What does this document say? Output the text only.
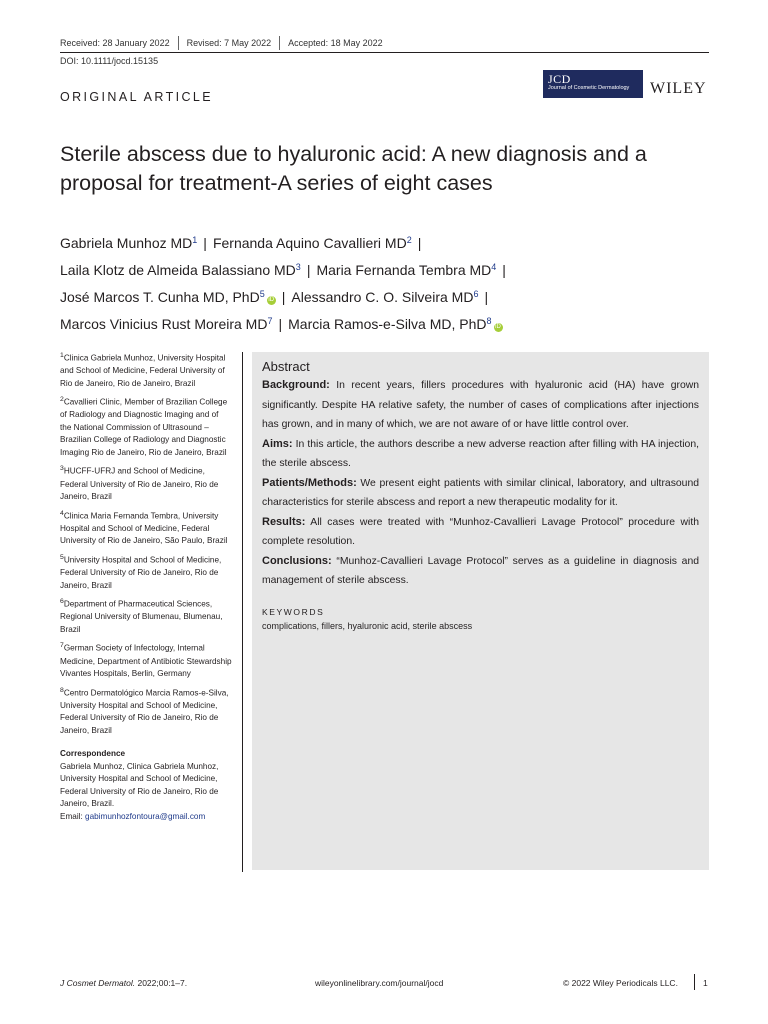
Received: 28 January 2022 Revised: 7 May 2022 Accepted: 18 May 2022
DOI: 10.1111/jocd.15135
ORIGINAL ARTICLE
JCD
Journal of Cosmetic Dermatology	WILEY
Sterile abscess due to hyaluronic acid: A new diagnosis and a proposal for treatment-A series of eight cases
Gabriela Munhoz $MD^1$ | Fernanda Aquino Cavallieri $MD^2$ |
Laila Klotz de Almeida Balassiano $MD^3$ | Maria Fernanda Tembra $MD^4$ |
José Marcos T. Cunha MD, PhD$^5$iD | Alessandro C. O. Silveira $MD^6$ |
Marcos Vinicius Rust Moreira $MD^7$ | Marcia Ramos-e-Silva MD, PhD$^8$iD
$^1$Clinica Gabriela Munhoz, University Hospital and School of Medicine, Federal University of Rio de Janeiro, Rio de Janeiro, Brazil
$^2$Cavallieri Clinic, Member of Brazilian College of Radiology and Diagnostic Imaging and of the National Commission of Ultrasound – Brazilian College of Radiology and Diagnostic Imaging Rio de Janeiro, Rio de Janeiro, Brazil
$^3$HUCFF-UFRJ and School of Medicine, Federal University of Rio de Janeiro, Rio de Janeiro, Brazil
$^4$Clinica Maria Fernanda Tembra, University Hospital and School of Medicine, Federal University of Rio de Janeiro, São Paulo, Brazil
$^5$University Hospital and School of Medicine, Federal University of Rio de Janeiro, Rio de Janeiro, Brazil
$^6$Department of Pharmaceutical Sciences, Regional University of Blumenau, Blumenau, Brazil
$^7$German Society of Infectology, Internal Medicine, Department of Antibiotic Stewardship Vivantes Hospitals, Berlin, Germany
$^8$Centro Dermatológico Marcia Ramos-e-Silva, University Hospital and School of Medicine, Federal University of Rio de Janeiro, Rio de Janeiro, Brazil
Correspondence
Gabriela Munhoz, Clinica Gabriela Munhoz, University Hospital and School of Medicine, Federal University of Rio de Janeiro, Rio de Janeiro, Brazil.
Email: gabimunhozfontoura@gmail.com
Abstract

Background: In recent years, fillers procedures with hyaluronic acid (HA) have grown significantly. Despite HA relative safety, the number of cases of complications after injections has grown, and in many of which, we are not aware of or have little control over.

Aims: In this article, the authors describe a new adverse reaction after filling with HA injection, the sterile abscess.

Patients/Methods: We present eight patients with similar clinical, laboratory, and ultrasound characteristics for sterile abscess and report a new therapeutic modality for it.

Results: All cases were treated with “Munhoz-Cavallieri Lavage Protocol” procedure with complete resolution.

Conclusions: “Munhoz-Cavallieri Lavage Protocol” serves as a guideline in diagnosis and management of sterile abscess.

KEYWORDS
complications, fillers, hyaluronic acid, sterile abscess
J Cosmet Dermatol. 2022;00:1–7.	wileyonlinelibrary.com/journal/jocd	© 2022 Wiley Periodicals LLC.	1
